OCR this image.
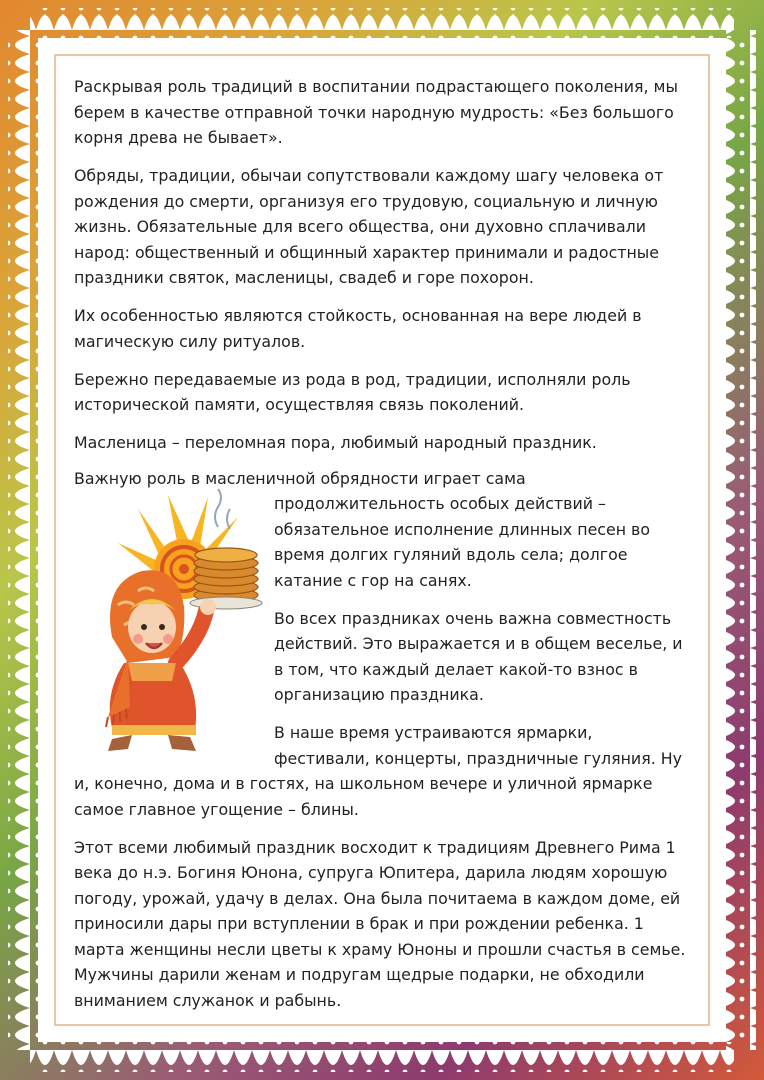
Раскрывая роль традиций в воспитании подрастающего поколения, мы берем в качестве отправной точки народную мудрость: «Без большого корня древа не бывает».

Обряды, традиции, обычаи сопутствовали каждому шагу человека от рождения до смерти, организуя его трудовую, социальную и личную жизнь. Обязательные для всего общества, они духовно сплачивали народ: общественный и общинный характер принимали и радостные праздники святок, масленицы, свадеб и горе похорон.

Их особенностью являются стойкость, основанная на вере людей в магическую силу ритуалов.

Бережно передаваемые из рода в род, традиции, исполняли роль исторической памяти, осуществляя связь поколений.

Масленица – переломная пора, любимый народный праздник.

Важную роль в масленичной обрядности играет сама

продолжительность особых действий – обязательное исполнение длинных песен во время долгих гуляний вдоль села; долгое катание с гор на санях.

Во всех праздниках очень важна совместность действий. Это выражается и в общем веселье, и в том, что каждый делает какой-то взнос в организацию праздника.

В наше время устраиваются ярмарки, фестивали, концерты, праздничные гуляния. Ну и, конечно, дома и в гостях, на школьном вечере и уличной ярмарке самое главное угощение – блины.

Этот всеми любимый праздник восходит к традициям Древнего Рима 1 века до н.э. Богиня Юнона, супруга Юпитера, дарила людям хорошую погоду, урожай, удачу в делах. Она была почитаема в каждом доме, ей приносили дары при вступлении в брак и при рождении ребенка. 1 марта женщины несли цветы к храму Юноны и прошли счастья в семье. Мужчины дарили женам и подругам щедрые подарки, не обходили вниманием служанок и рабынь.
